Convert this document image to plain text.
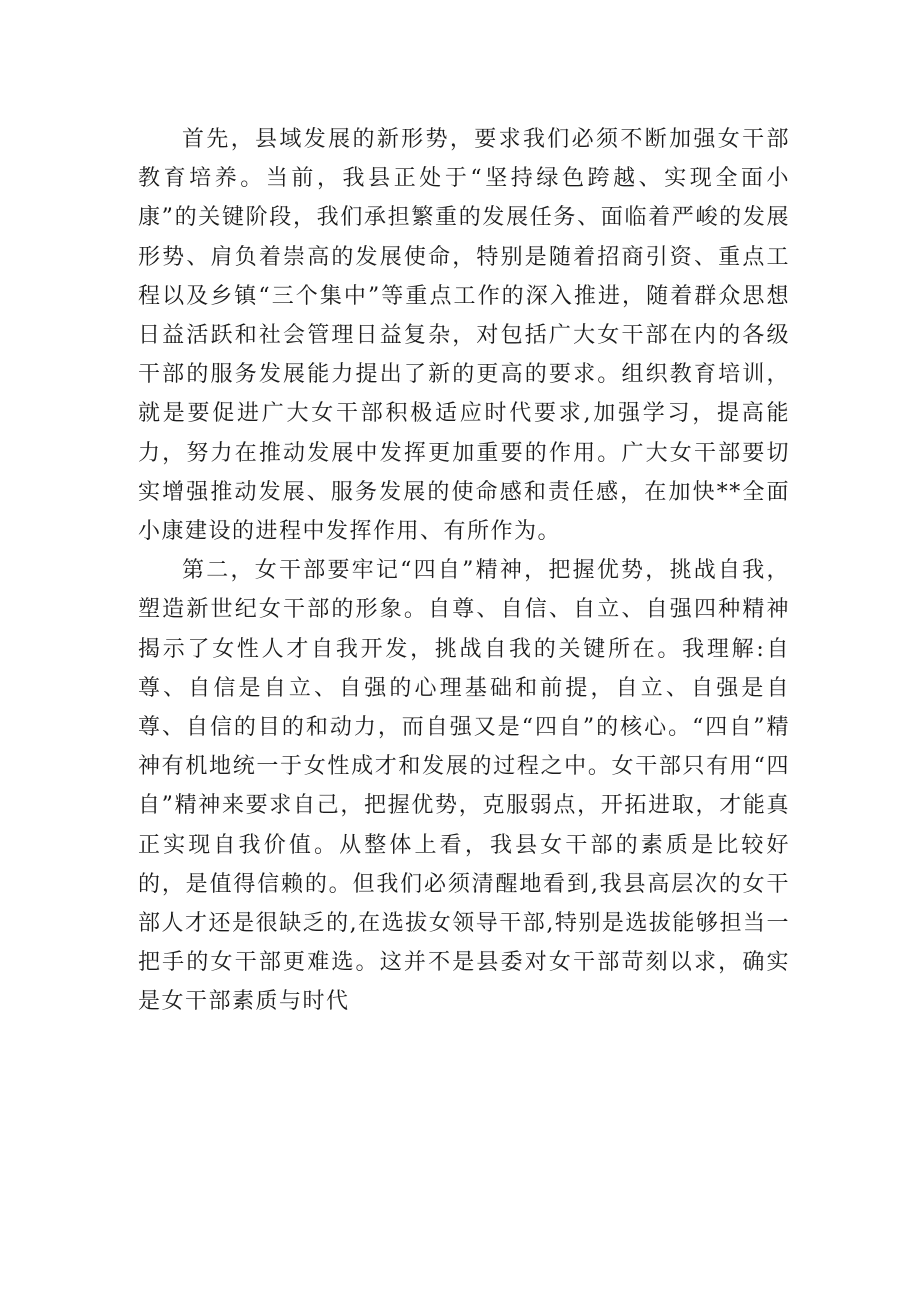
首先，县域发展的新形势，要求我们必须不断加强女干部教育培养。当前，我县正处于“坚持绿色跨越、实现全面小康”的关键阶段，我们承担繁重的发展任务、面临着严峻的发展形势、肩负着崇高的发展使命，特别是随着招商引资、重点工程以及乡镇“三个集中”等重点工作的深入推进，随着群众思想日益活跃和社会管理日益复杂，对包括广大女干部在内的各级干部的服务发展能力提出了新的更高的要求。组织教育培训，就是要促进广大女干部积极适应时代要求,加强学习，提高能力，努力在推动发展中发挥更加重要的作用。广大女干部要切实增强推动发展、服务发展的使命感和责任感，在加快**全面小康建设的进程中发挥作用、有所作为。

第二，女干部要牢记“四自”精神，把握优势，挑战自我，塑造新世纪女干部的形象。自尊、自信、自立、自强四种精神揭示了女性人才自我开发，挑战自我的关键所在。我理解:自尊、自信是自立、自强的心理基础和前提，自立、自强是自尊、自信的目的和动力，而自强又是“四自”的核心。“四自”精神有机地统一于女性成才和发展的过程之中。女干部只有用“四自”精神来要求自己，把握优势，克服弱点，开拓进取，才能真正实现自我价值。从整体上看，我县女干部的素质是比较好的，是值得信赖的。但我们必须清醒地看到,我县高层次的女干部人才还是很缺乏的,在选拔女领导干部,特别是选拔能够担当一把手的女干部更难选。这并不是县委对女干部苛刻以求，确实是女干部素质与时代
